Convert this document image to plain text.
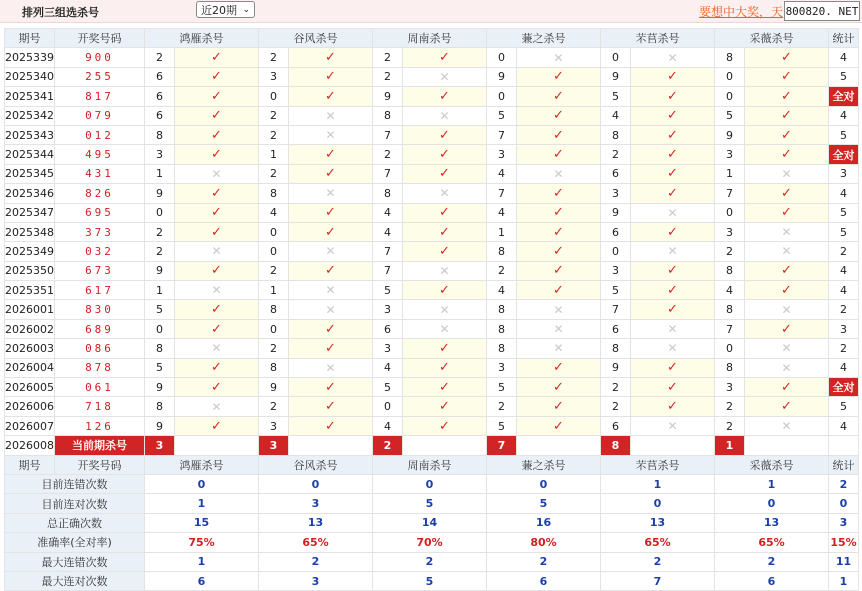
排列三组选杀号	近20期 ⌄	要想中大奖，天 800820. NET
期号	开奖号码	鸿雁杀号		谷风杀号		周南杀号		蒹之杀号		芣苢杀号		采薇杀号		统计
2025339	900	2	✓	2	✓	2	✓	0	✕	0	✕	8	✓	4
2025340	255	6	✓	3	✓	2	✕	9	✓	9	✓	0	✓	5
2025341	817	6	✓	0	✓	9	✓	0	✓	5	✓	0	✓	全对
2025342	079	6	✓	2	✕	8	✕	5	✓	4	✓	5	✓	4
2025343	012	8	✓	2	✕	7	✓	7	✓	8	✓	9	✓	5
2025344	495	3	✓	1	✓	2	✓	3	✓	2	✓	3	✓	全对
2025345	431	1	✕	2	✓	7	✓	4	✕	6	✓	1	✕	3
2025346	826	9	✓	8	✕	8	✕	7	✓	3	✓	7	✓	4
2025347	695	0	✓	4	✓	4	✓	4	✓	9	✕	0	✓	5
2025348	373	2	✓	0	✓	4	✓	1	✓	6	✓	3	✕	5
2025349	032	2	✕	0	✕	7	✓	8	✓	0	✕	2	✕	2
2025350	673	9	✓	2	✓	7	✕	2	✓	3	✓	8	✓	4
2025351	617	1	✕	1	✕	5	✓	4	✓	5	✓	4	✓	4
2026001	830	5	✓	8	✕	3	✕	8	✕	7	✓	8	✕	2
2026002	689	0	✓	0	✓	6	✕	8	✕	6	✕	7	✓	3
2026003	086	8	✕	2	✓	3	✓	8	✕	8	✕	0	✕	2
2026004	878	5	✓	8	✕	4	✓	3	✓	9	✓	8	✕	4
2026005	061	9	✓	9	✓	5	✓	5	✓	2	✓	3	✓	全对
2026006	718	8	✕	2	✓	0	✓	2	✓	2	✓	2	✓	5
2026007	126	9	✓	3	✓	4	✓	5	✓	6	✕	2	✕	4
2026008	当前期杀号	3		3		2		7		8		1		
期号	开奖号码	鸿雁杀号		谷风杀号		周南杀号		蒹之杀号		芣苢杀号		采薇杀号		统计
目前连错次数		0		0		0		0		1		1		2
目前连对次数		1		3		5		5		0		0		0
总正确次数		15		13		14		16		13		13		3
准确率(全对率)		75%		65%		70%		80%		65%		65%		15%
最大连错次数		1		2		2		2		2		2		11
最大连对次数		6		3		5		6		7		6		1
